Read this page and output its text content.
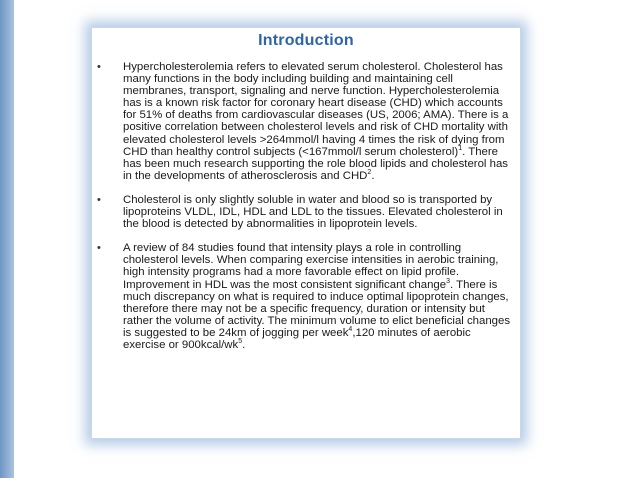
Introduction
• Hypercholesterolemia refers to elevated serum cholesterol. Cholesterol has many functions in the body including building and maintaining cell membranes, transport, signaling and nerve function. Hypercholesterolemia has is a known risk factor for coronary heart disease (CHD) which accounts for 51% of deaths from cardiovascular diseases (US, 2006; AMA). There is a positive correlation between cholesterol levels and risk of CHD mortality with elevated cholesterol levels >264mmol/l having 4 times the risk of dying from CHD than healthy control subjects (<167mmol/l serum cholesterol)$^1$. There has been much research supporting the role blood lipids and cholesterol has in the developments of atherosclerosis and CHD$^2$.
• Cholesterol is only slightly soluble in water and blood so is transported by lipoproteins VLDL, IDL, HDL and LDL to the tissues. Elevated cholesterol in the blood is detected by abnormalities in lipoprotein levels.
• A review of 84 studies found that intensity plays a role in controlling cholesterol levels. When comparing exercise intensities in aerobic training, high intensity programs had a more favorable effect on lipid profile. Improvement in HDL was the most consistent significant change$^3$. There is much discrepancy on what is required to induce optimal lipoprotein changes, therefore there may not be a specific frequency, duration or intensity but rather the volume of activity. The minimum volume to elict beneficial changes is suggested to be 24km of jogging per week$^4$,120 minutes of aerobic exercise or $900kcal/wk^5$.
